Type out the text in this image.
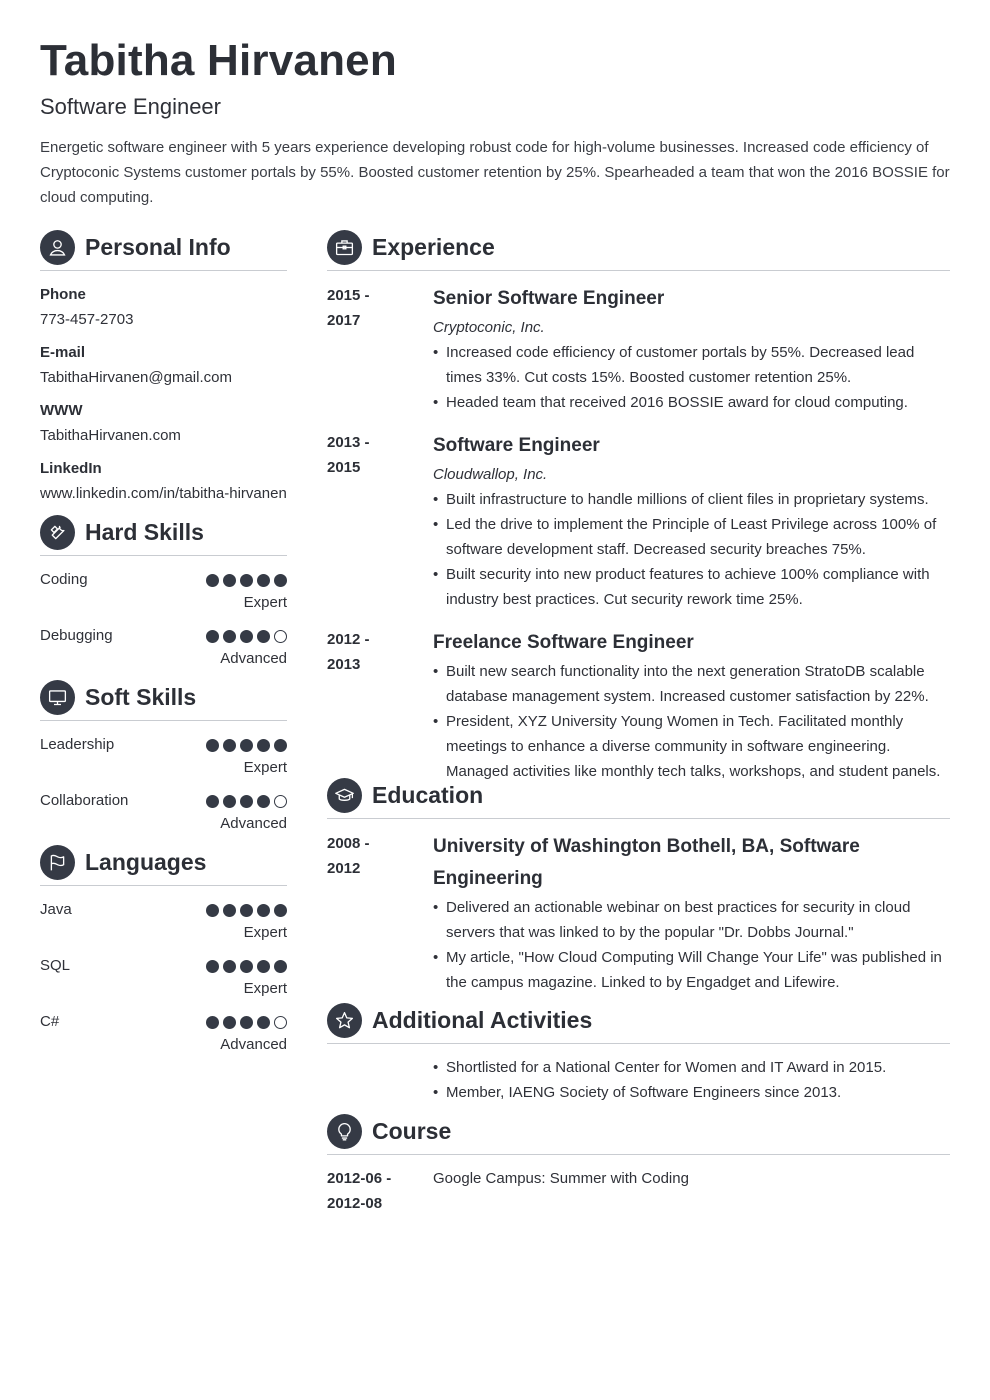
Tabitha Hirvanen
Software Engineer
Energetic software engineer with 5 years experience developing robust code for high-volume businesses. Increased code efficiency of Cryptoconic Systems customer portals by 55%. Boosted customer retention by 25%. Spearheaded a team that won the 2016 BOSSIE for cloud computing.
Personal Info
Phone
773-457-2703
E-mail
TabithaHirvanen@gmail.com
WWW
TabithaHirvanen.com
LinkedIn
www.linkedin.com/in/tabitha-hirvanen
Hard Skills
Coding
Expert
Debugging
Advanced
Soft Skills
Leadership
Expert
Collaboration
Advanced
Languages
Java
Expert
SQL
Expert
C#
Advanced
Experience
2015 -
2017
Senior Software Engineer
Cryptoconic, Inc.
• Increased code efficiency of customer portals by 55%. Decreased lead times 33%. Cut costs 15%. Boosted customer retention 25%.
• Headed team that received 2016 BOSSIE award for cloud computing.
2013 -
2015
Software Engineer
Cloudwallop, Inc.
• Built infrastructure to handle millions of client files in proprietary systems.
• Led the drive to implement the Principle of Least Privilege across 100% of software development staff. Decreased security breaches 75%.
• Built security into new product features to achieve 100% compliance with industry best practices. Cut security rework time 25%.
2012 -
2013
Freelance Software Engineer
• Built new search functionality into the next generation StratoDB scalable database management system. Increased customer satisfaction by 22%.
• President, XYZ University Young Women in Tech. Facilitated monthly meetings to enhance a diverse community in software engineering. Managed activities like monthly tech talks, workshops, and student panels.
Education
2008 -
2012
University of Washington Bothell, BA, Software Engineering
• Delivered an actionable webinar on best practices for security in cloud servers that was linked to by the popular "Dr. Dobbs Journal."
• My article, "How Cloud Computing Will Change Your Life" was published in the campus magazine. Linked to by Engadget and Lifewire.
Additional Activities
• Shortlisted for a National Center for Women and IT Award in 2015.
• Member, IAENG Society of Software Engineers since 2013.
Course
2012-06 -
2012-08
Google Campus: Summer with Coding
